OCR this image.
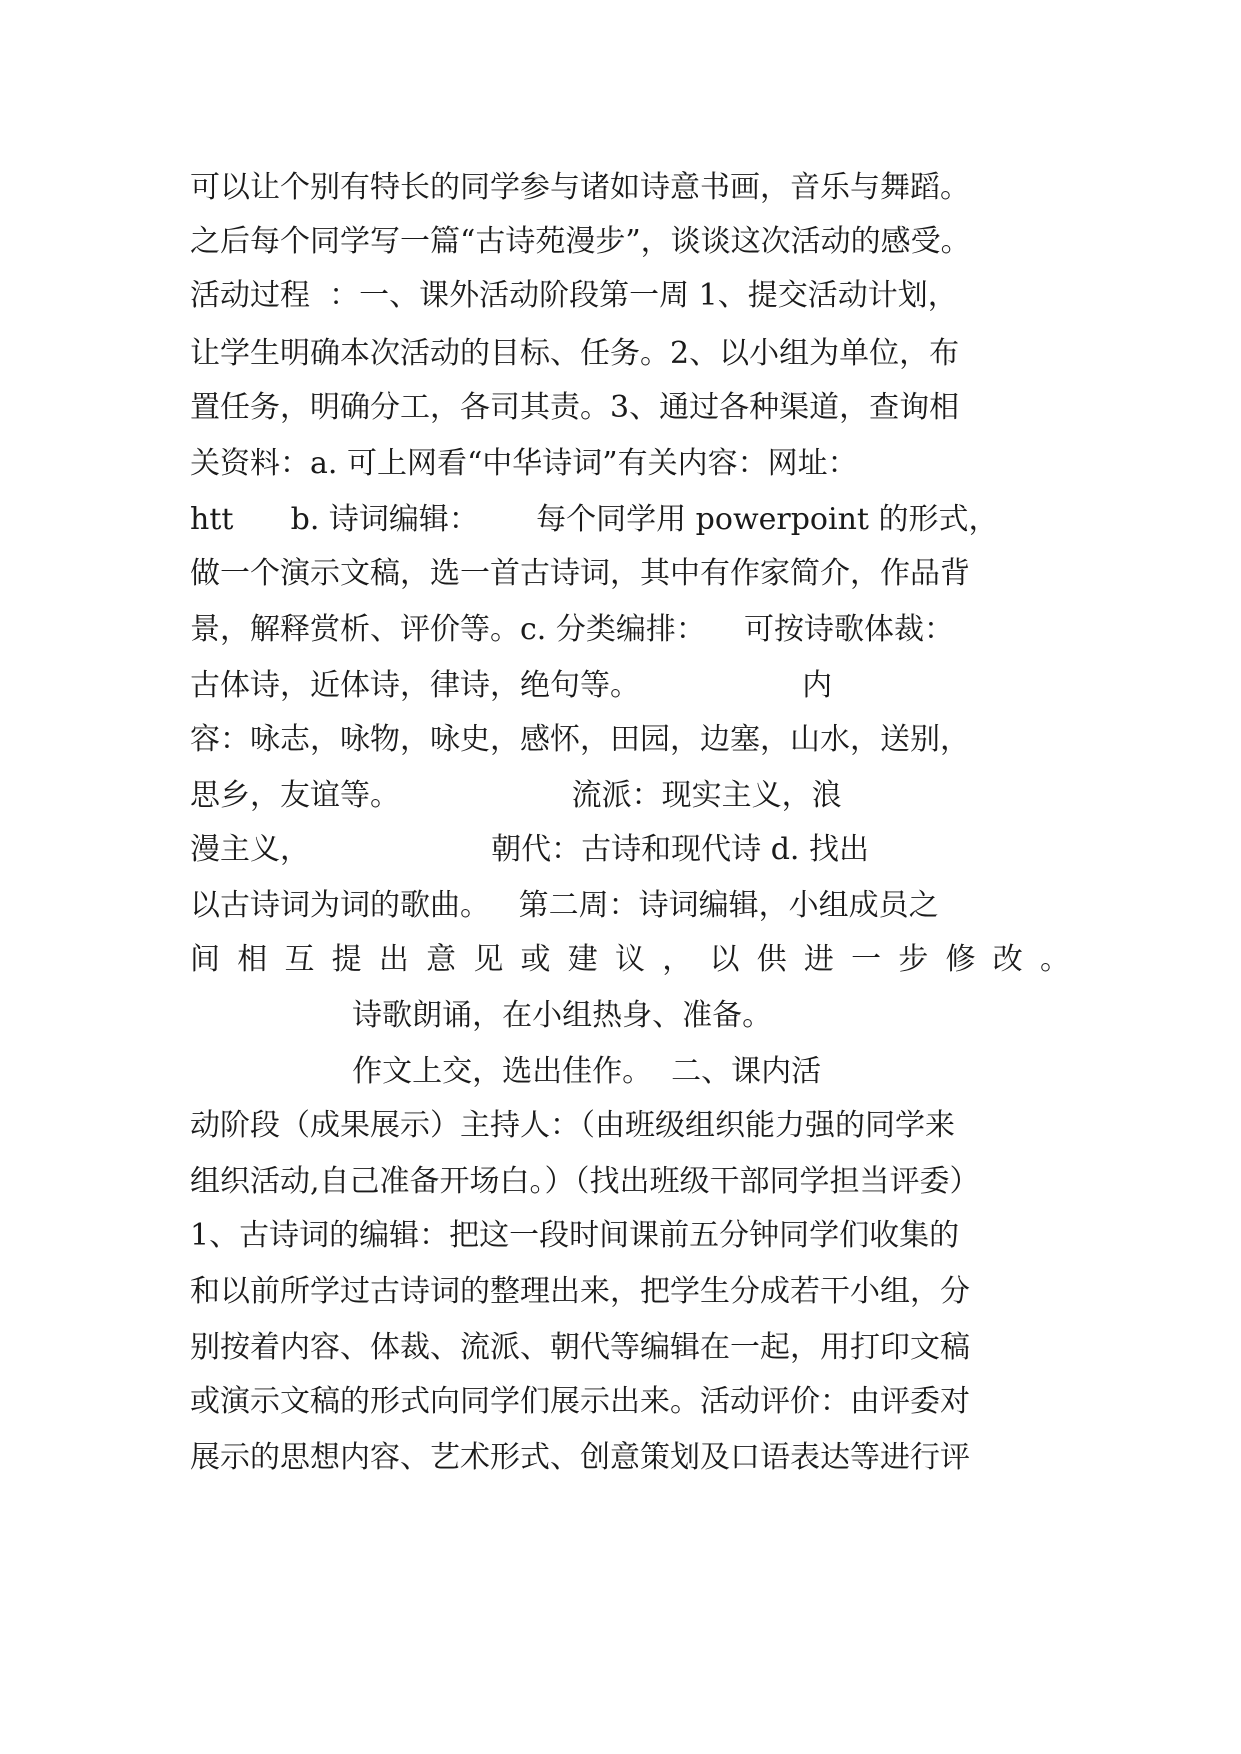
可以让个别有特长的同学参与诸如诗意书画，音乐与舞蹈。
之后每个同学写一篇“古诗苑漫步”，谈谈这次活动的感受。
活动过程  ：一、课外活动阶段第一周 1、提交活动计划，
让学生明确本次活动的目标、任务。2、以小组为单位，布
置任务，明确分工，各司其责。3、通过各种渠道，查询相
关资料：a. 可上网看“中华诗词”有关内容：网址：
htt      b. 诗词编辑：      每个同学用 powerpoint 的形式，
做一个演示文稿，选一首古诗词，其中有作家简介，作品背
景，解释赏析、评价等。c. 分类编排：    可按诗歌体裁：
古体诗，近体诗，律诗，绝句等。                 内
容：咏志，咏物，咏史，感怀，田园，边塞，山水，送别，
思乡，友谊等。                  流派：现实主义，浪
漫主义，                   朝代：古诗和现代诗 d. 找出
以古诗词为词的歌曲。   第二周：诗词编辑，小组成员之
间相互提出意见或建议，以供进一步修改。
诗歌朗诵，在小组热身、准备。
作文上交，选出佳作。  二、课内活
动阶段（成果展示）主持人：（由班级组织能力强的同学来
组织活动,自己准备开场白。）（找出班级干部同学担当评委）
1、古诗词的编辑：把这一段时间课前五分钟同学们收集的
和以前所学过古诗词的整理出来，把学生分成若干小组，分
别按着内容、体裁、流派、朝代等编辑在一起，用打印文稿
或演示文稿的形式向同学们展示出来。活动评价：由评委对
展示的思想内容、艺术形式、创意策划及口语表达等进行评
